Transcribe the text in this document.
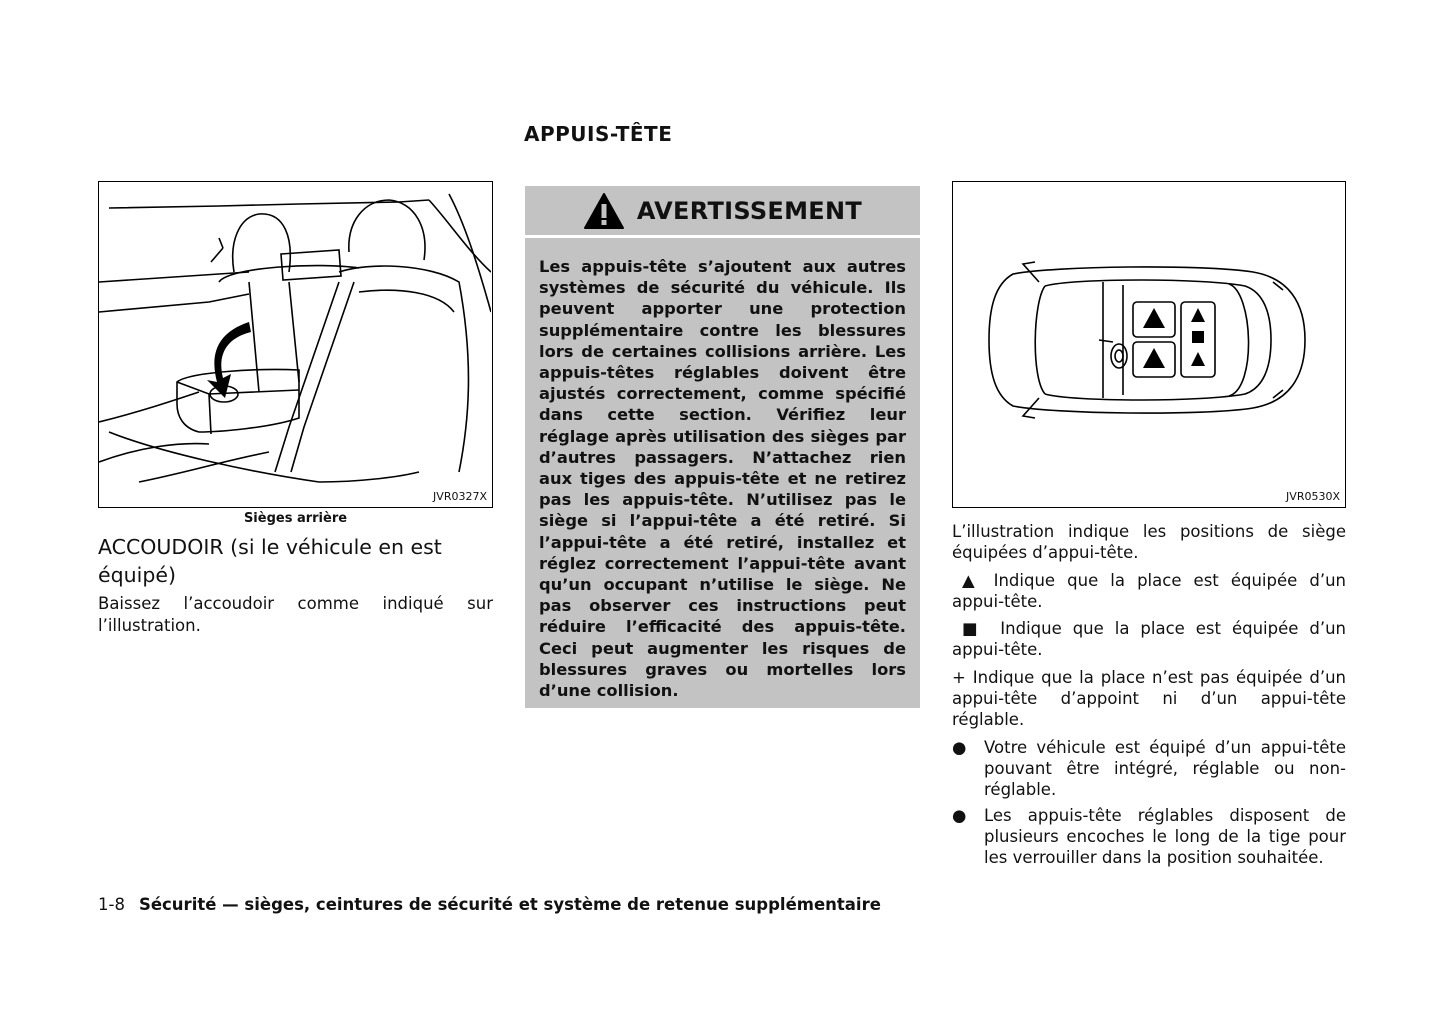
APPUIS-TÊTE
JVR0327X
Sièges arrière
ACCOUDOIR (si le véhicule en est équipé)
Baissez l’accoudoir comme indiqué sur l’illustration.
AVERTISSEMENT
Les appuis-tête s’ajoutent aux autres systèmes de sécurité du véhicule. Ils peuvent apporter une protection supplémentaire contre les blessures lors de certaines collisions arrière. Les appuis-têtes réglables doivent être ajustés correctement, comme spécifié dans cette section. Vérifiez leur réglage après utilisation des sièges par d’autres passagers. N’attachez rien aux tiges des appuis-tête et ne retirez pas les appuis-tête. N’utilisez pas le siège si l’appui-tête a été retiré. Si l’appui-tête a été retiré, installez et réglez correctement l’appui-tête avant qu’un occupant n’utilise le siège. Ne pas observer ces instructions peut réduire l’efficacité des appuis-tête. Ceci peut augmenter les risques de blessures graves ou mortelles lors d’une collision.
JVR0530X
L’illustration indique les positions de siège équipées d’appui-tête.
▲ Indique que la place est équipée d’un appui-tête.
■ Indique que la place est équipée d’un appui-tête.
+ Indique que la place n’est pas équipée d’un appui-tête d’appoint ni d’un appui-tête réglable.
● Votre véhicule est équipé d’un appui-tête pouvant être intégré, réglable ou non-réglable.
● Les appuis-tête réglables disposent de plusieurs encoches le long de la tige pour les verrouiller dans la position souhaitée.
1-8 Sécurité — sièges, ceintures de sécurité et système de retenue supplémentaire
